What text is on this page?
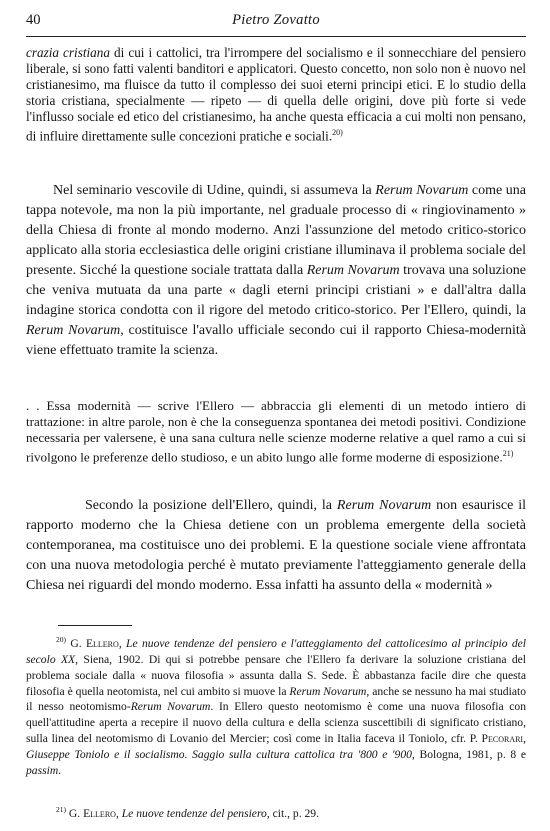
40	Pietro Zovatto

crazia cristiana di cui i cattolici, tra l'irrompere del socialismo e il sonnecchiare del pensiero liberale, si sono fatti valenti banditori e applicatori. Questo concetto, non solo non è nuovo nel cristianesimo, ma fluisce da tutto il complesso dei suoi eterni principi etici. E lo studio della storia cristiana, specialmente — ripeto — di quella delle origini, dove più forte si vede l'influsso sociale ed etico del cristianesimo, ha anche questa efficacia a cui molti non pensano, di influire direttamente sulle concezioni pratiche e sociali.$^{20)}$

Nel seminario vescovile di Udine, quindi, si assumeva la Rerum Novarum come una tappa notevole, ma non la più importante, nel graduale processo di « ringiovinamento » della Chiesa di fronte al mondo moderno. Anzi l'assunzione del metodo critico-storico applicato alla storia ecclesiastica delle origini cristiane illuminava il problema sociale del presente. Sicché la questione sociale trattata dalla Rerum Novarum trovava una soluzione che veniva mutuata da una parte « dagli eterni principi cristiani » e dall'altra dalla indagine storica condotta con il rigore del metodo critico-storico. Per l'Ellero, quindi, la Rerum Novarum, costituisce l'avallo ufficiale secondo cui il rapporto Chiesa-modernità viene effettuato tramite la scienza.

. . Essa modernità — scrive l'Ellero — abbraccia gli elementi di un metodo intiero di trattazione: in altre parole, non è che la conseguenza spontanea dei metodi positivi. Condizione necessaria per valersene, è una sana cultura nelle scienze moderne relative a quel ramo a cui si rivolgono le preferenze dello studioso, e un abito lungo alle forme moderne di esposizione.$^{21)}$

Secondo la posizione dell'Ellero, quindi, la Rerum Novarum non esaurisce il rapporto moderno che la Chiesa detiene con un problema emergente della società contemporanea, ma costituisce uno dei problemi. E la questione sociale viene affrontata con una nuova metodologia perché è mutato previamente l'atteggiamento generale della Chiesa nei riguardi del mondo moderno. Essa infatti ha assunto della « modernità »

$^{20)}$ G. Ellero, Le nuove tendenze del pensiero e l'atteggiamento del cattolicesimo al principio del secolo XX, Siena, 1902. Di qui si potrebbe pensare che l'Ellero fa derivare la soluzione cristiana del problema sociale dalla « nuova filosofia » assunta dalla S. Sede. È abbastanza facile dire che questa filosofia è quella neotomista, nel cui ambito si muove la Rerum Novarum, anche se nessuno ha mai studiato il nesso neotomismo-Rerum Novarum. In Ellero questo neotomismo è come una nuova filosofia con quell'attitudine aperta a recepire il nuovo della cultura e della scienza suscettibili di significato cristiano, sulla linea del neotomismo di Lovanio del Mercier; così come in Italia faceva il Toniolo, cfr. P. Pecorari, Giuseppe Toniolo e il socialismo. Saggio sulla cultura cattolica tra '800 e '900, Bologna, 1981, p. 8 e passim.

$^{21)}$ G. Ellero, Le nuove tendenze del pensiero, cit., p. 29.
